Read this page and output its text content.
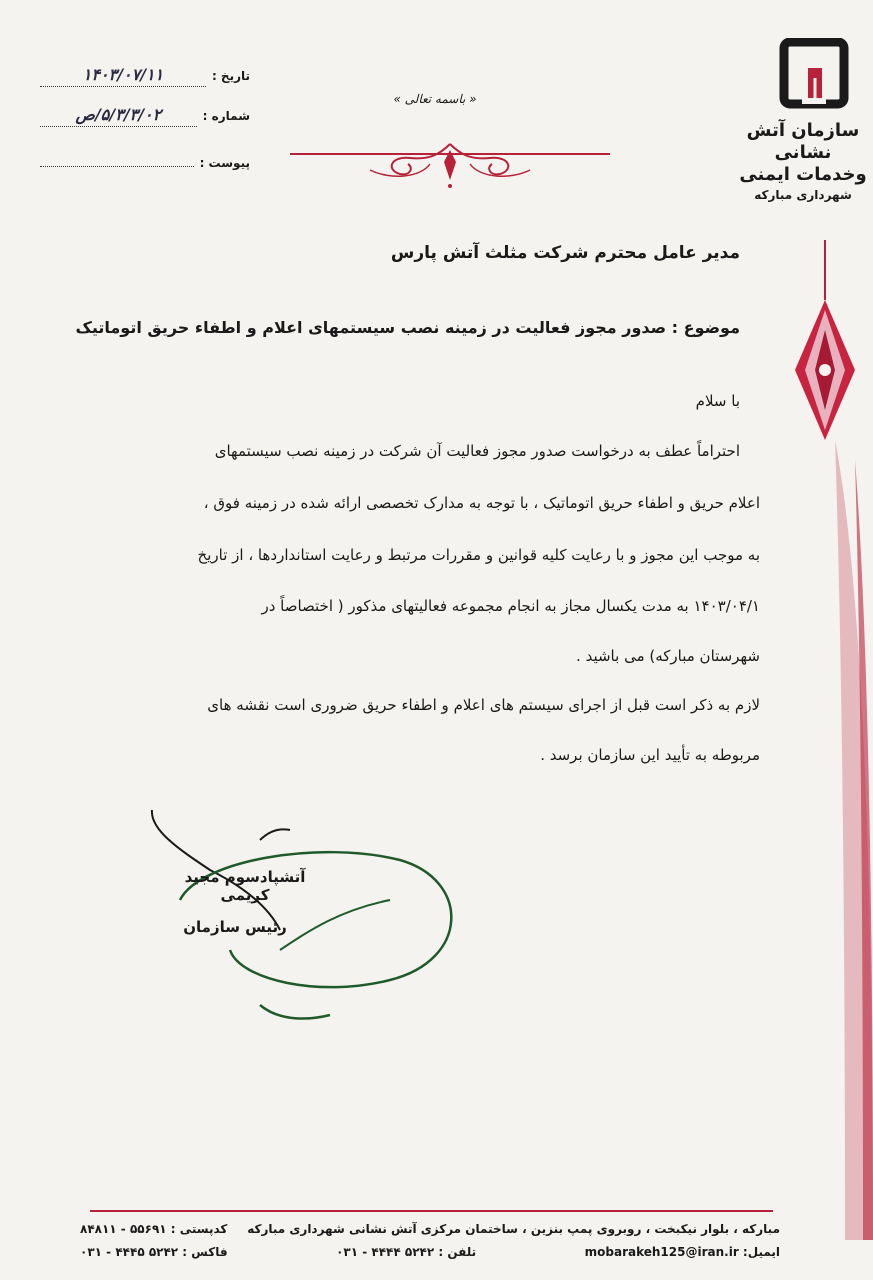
سازمان آتش نشانی
وخدمات ایمنی
شهرداری مبارکه
تاریخ :
۱۴۰۳/۰۷/۱۱
شماره :
۵/۳/۳/۰۲/ص
پیوست :
« باسمه تعالی »
مدیر عامل محترم شرکت مثلث آتش پارس
موضوع : صدور مجوز فعالیت در زمینه نصب سیستمهای اعلام و اطفاء حریق اتوماتیک
با سلام
احتراماً عطف به درخواست صدور مجوز فعالیت آن شرکت در زمینه نصب سیستمهای
اعلام حریق و اطفاء حریق اتوماتیک ، با توجه به مدارک تخصصی ارائه شده در زمینه فوق ،
به موجب این مجوز و با رعایت کلیه قوانین و مقررات مرتبط و رعایت استانداردها ، از تاریخ
۱۴۰۳/۰۴/۱ به مدت یکسال مجاز به انجام مجموعه فعالیتهای مذکور ( اختصاصاً در
شهرستان مبارکه) می باشید .
لازم به ذکر است قبل از اجرای سیستم های اعلام و اطفاء حریق ضروری است نقشه های
مربوطه به تأیید این سازمان برسد .
آتشپادسوم مجید کریمی
رئیس سازمان
مبارکه ، بلوار نیکبخت ، روبروی پمپ بنزین ، ساختمان مرکزی آتش نشانی شهرداری مبارکه
کدپستی : ۵۵۶۹۱ - ۸۴۸۱۱
ایمیل: mobarakeh125@iran.ir
تلفن : ۵۲۴۲ ۴۴۴۴ - ۰۳۱
فاکس : ۵۲۴۲ ۴۴۴۵ - ۰۳۱
